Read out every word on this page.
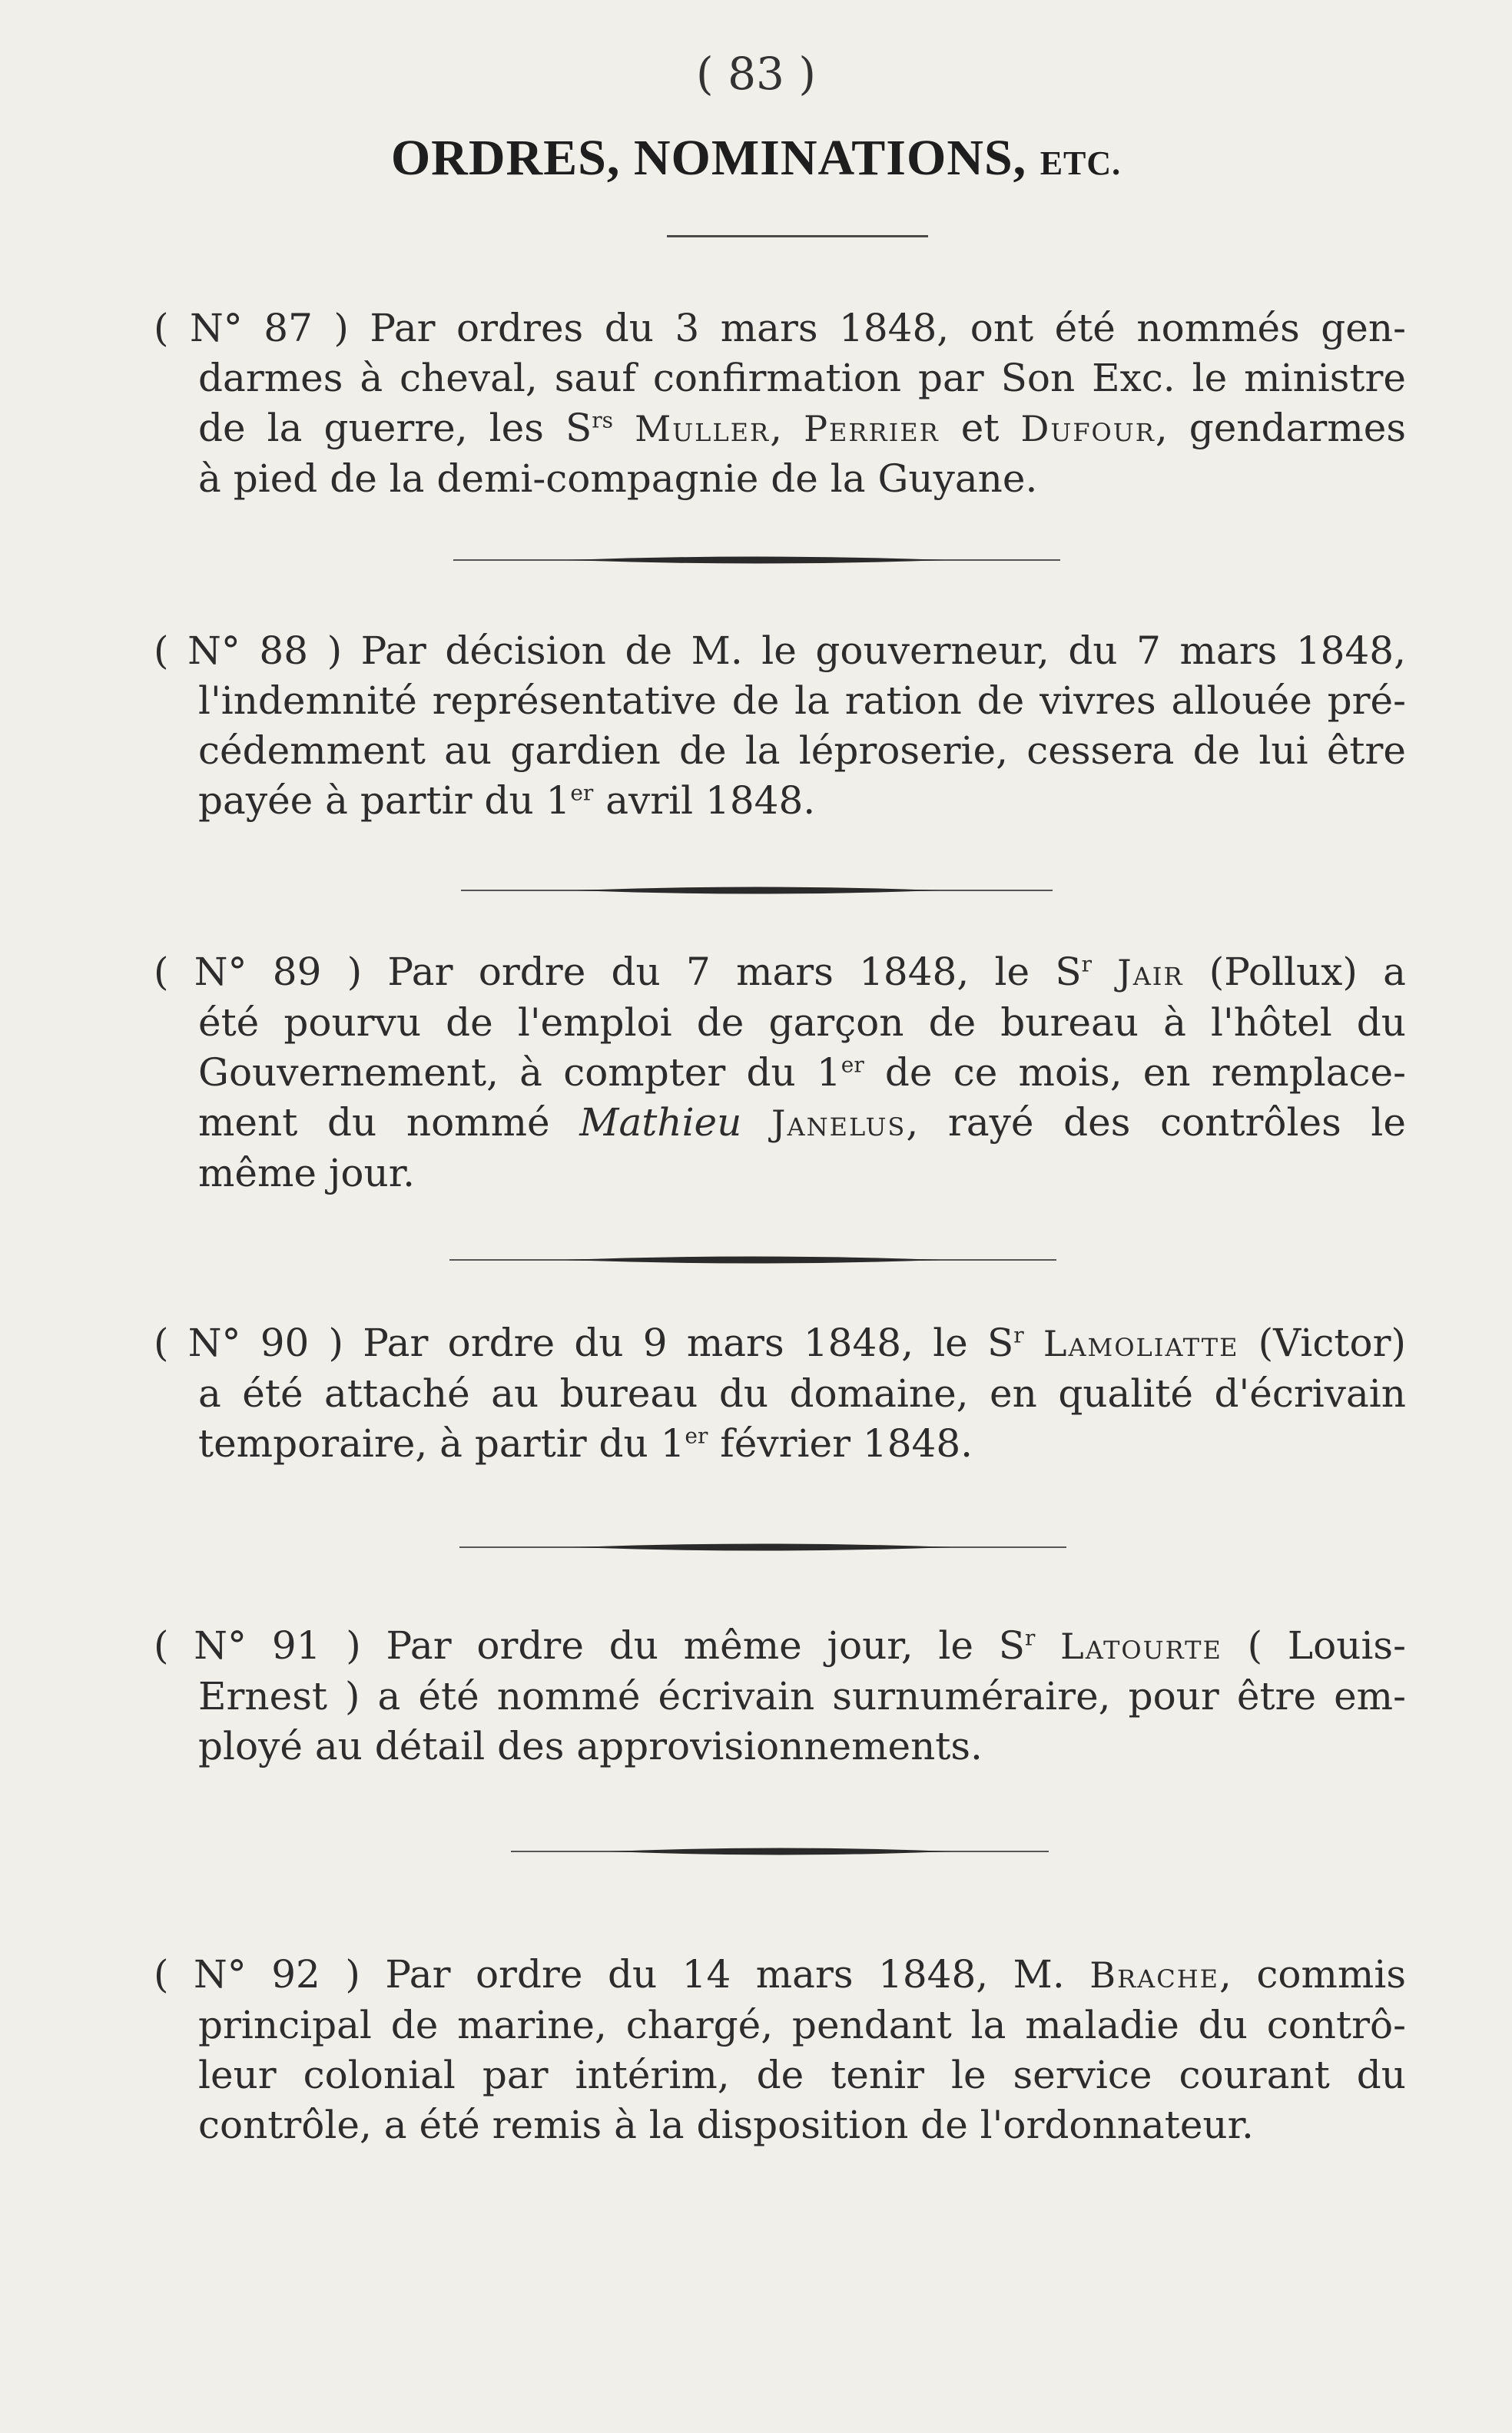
( 83 )
ORDRES, NOMINATIONS, ETC.
( N° 87 ) Par ordres du 3 mars 1848, ont été nommés gen-
darmes à cheval, sauf confirmation par Son Exc. le ministre
de la guerre, les $S^{rs}$ Muller, Perrier et Dufour, gendarmes
à pied de la demi-compagnie de la Guyane.
( N° 88 ) Par décision de M. le gouverneur, du 7 mars 1848,
l'indemnité représentative de la ration de vivres allouée pré-
cédemment au gardien de la léproserie, cessera de lui être
payée à partir du 1er avril 1848.
( N° 89 ) Par ordre du 7 mars 1848, le $S^r$ Jair (Pollux) a
été pourvu de l'emploi de garçon de bureau à l'hôtel du
Gouvernement, à compter du 1er de ce mois, en remplace-
ment du nommé Mathieu Janelus, rayé des contrôles le
même jour.
( N° 90 ) Par ordre du 9 mars 1848, le $S^r$ Lamoliatte (Victor)
a été attaché au bureau du domaine, en qualité d'écrivain
temporaire, à partir du 1er février 1848.
( N° 91 ) Par ordre du même jour, le $S^r$ Latourte ( Louis-
Ernest ) a été nommé écrivain surnuméraire, pour être em-
ployé au détail des approvisionnements.
( N° 92 ) Par ordre du 14 mars 1848, M. Brache, commis
principal de marine, chargé, pendant la maladie du contrô-
leur colonial par intérim, de tenir le service courant du
contrôle, a été remis à la disposition de l'ordonnateur.
